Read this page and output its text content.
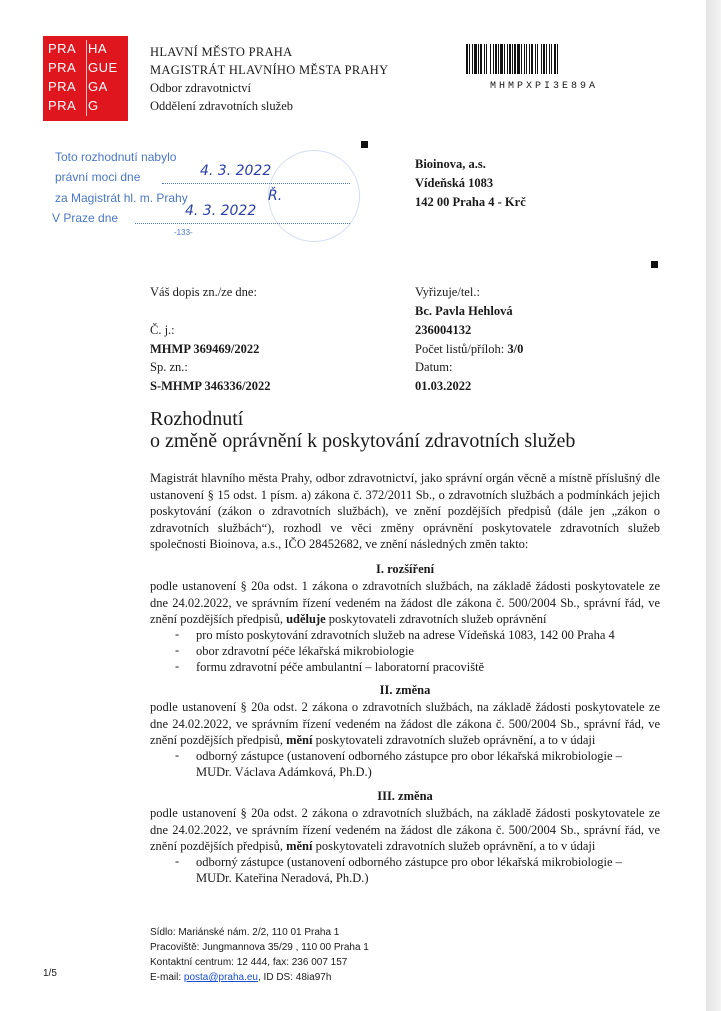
PRA HA
PRA GUE
PRA GA
PRA G
HLAVNÍ MĚSTO PRAHA
MAGISTRÁT HLAVNÍHO MĚSTA PRAHY
Odbor zdravotnictví
Oddělení zdravotních služeb
MHMPXPI3E89A
Toto rozhodnutí nabylo
právní moci dne	4. 3. 2022
za Magistrát hl. m. Prahy	Ř.
V Praze dne	4. 3. 2022
-133-
Bioinova, a.s.
Vídeňská 1083
142 00 Praha 4 - Krč
Váš dopis zn./ze dne:
Č. j.:
MHMP 369469/2022
Sp. zn.:
S-MHMP 346336/2022
Vyřizuje/tel.:
Bc. Pavla Hehlová
236004132
Počet listů/příloh: 3/0
Datum:
01.03.2022
Rozhodnutí
o změně oprávnění k poskytování zdravotních služeb
Magistrát hlavního města Prahy, odbor zdravotnictví, jako správní orgán věcně a místně příslušný dle ustanovení § 15 odst. 1 písm. a) zákona č. 372/2011 Sb., o zdravotních službách a podmínkách jejich poskytování (zákon o zdravotních službách), ve znění pozdějších předpisů (dále jen „zákon o zdravotních službách“), rozhodl ve věci změny oprávnění poskytovatele zdravotních služeb společnosti Bioinova, a.s., IČO 28452682, ve znění následných změn takto:
I. rozšíření
podle ustanovení § 20a odst. 1 zákona o zdravotních službách, na základě žádosti poskytovatele ze dne 24.02.2022, ve správním řízení vedeném na žádost dle zákona č. 500/2004 Sb., správní řád, ve znění pozdějších předpisů, uděluje poskytovateli zdravotních služeb oprávnění
- pro místo poskytování zdravotních služeb na adrese Vídeňská 1083, 142 00 Praha 4
- obor zdravotní péče lékařská mikrobiologie
- formu zdravotní péče ambulantní – laboratorní pracoviště
II. změna
podle ustanovení § 20a odst. 2 zákona o zdravotních službách, na základě žádosti poskytovatele ze dne 24.02.2022, ve správním řízení vedeném na žádost dle zákona č. 500/2004 Sb., správní řád, ve znění pozdějších předpisů, mění poskytovateli zdravotních služeb oprávnění, a to v údaji
- odborný zástupce (ustanovení odborného zástupce pro obor lékařská mikrobiologie –
MUDr. Václava Adámková, Ph.D.)
III. změna
podle ustanovení § 20a odst. 2 zákona o zdravotních službách, na základě žádosti poskytovatele ze dne 24.02.2022, ve správním řízení vedeném na žádost dle zákona č. 500/2004 Sb., správní řád, ve znění pozdějších předpisů, mění poskytovateli zdravotních služeb oprávnění, a to v údaji
- odborný zástupce (ustanovení odborného zástupce pro obor lékařská mikrobiologie –
MUDr. Kateřina Neradová, Ph.D.)
Sídlo: Mariánské nám. 2/2, 110 01 Praha 1
Pracoviště: Jungmannova 35/29 , 110 00 Praha 1
Kontaktní centrum: 12 444, fax: 236 007 157
E-mail: posta@praha.eu, ID DS: 48ia97h
1/5
